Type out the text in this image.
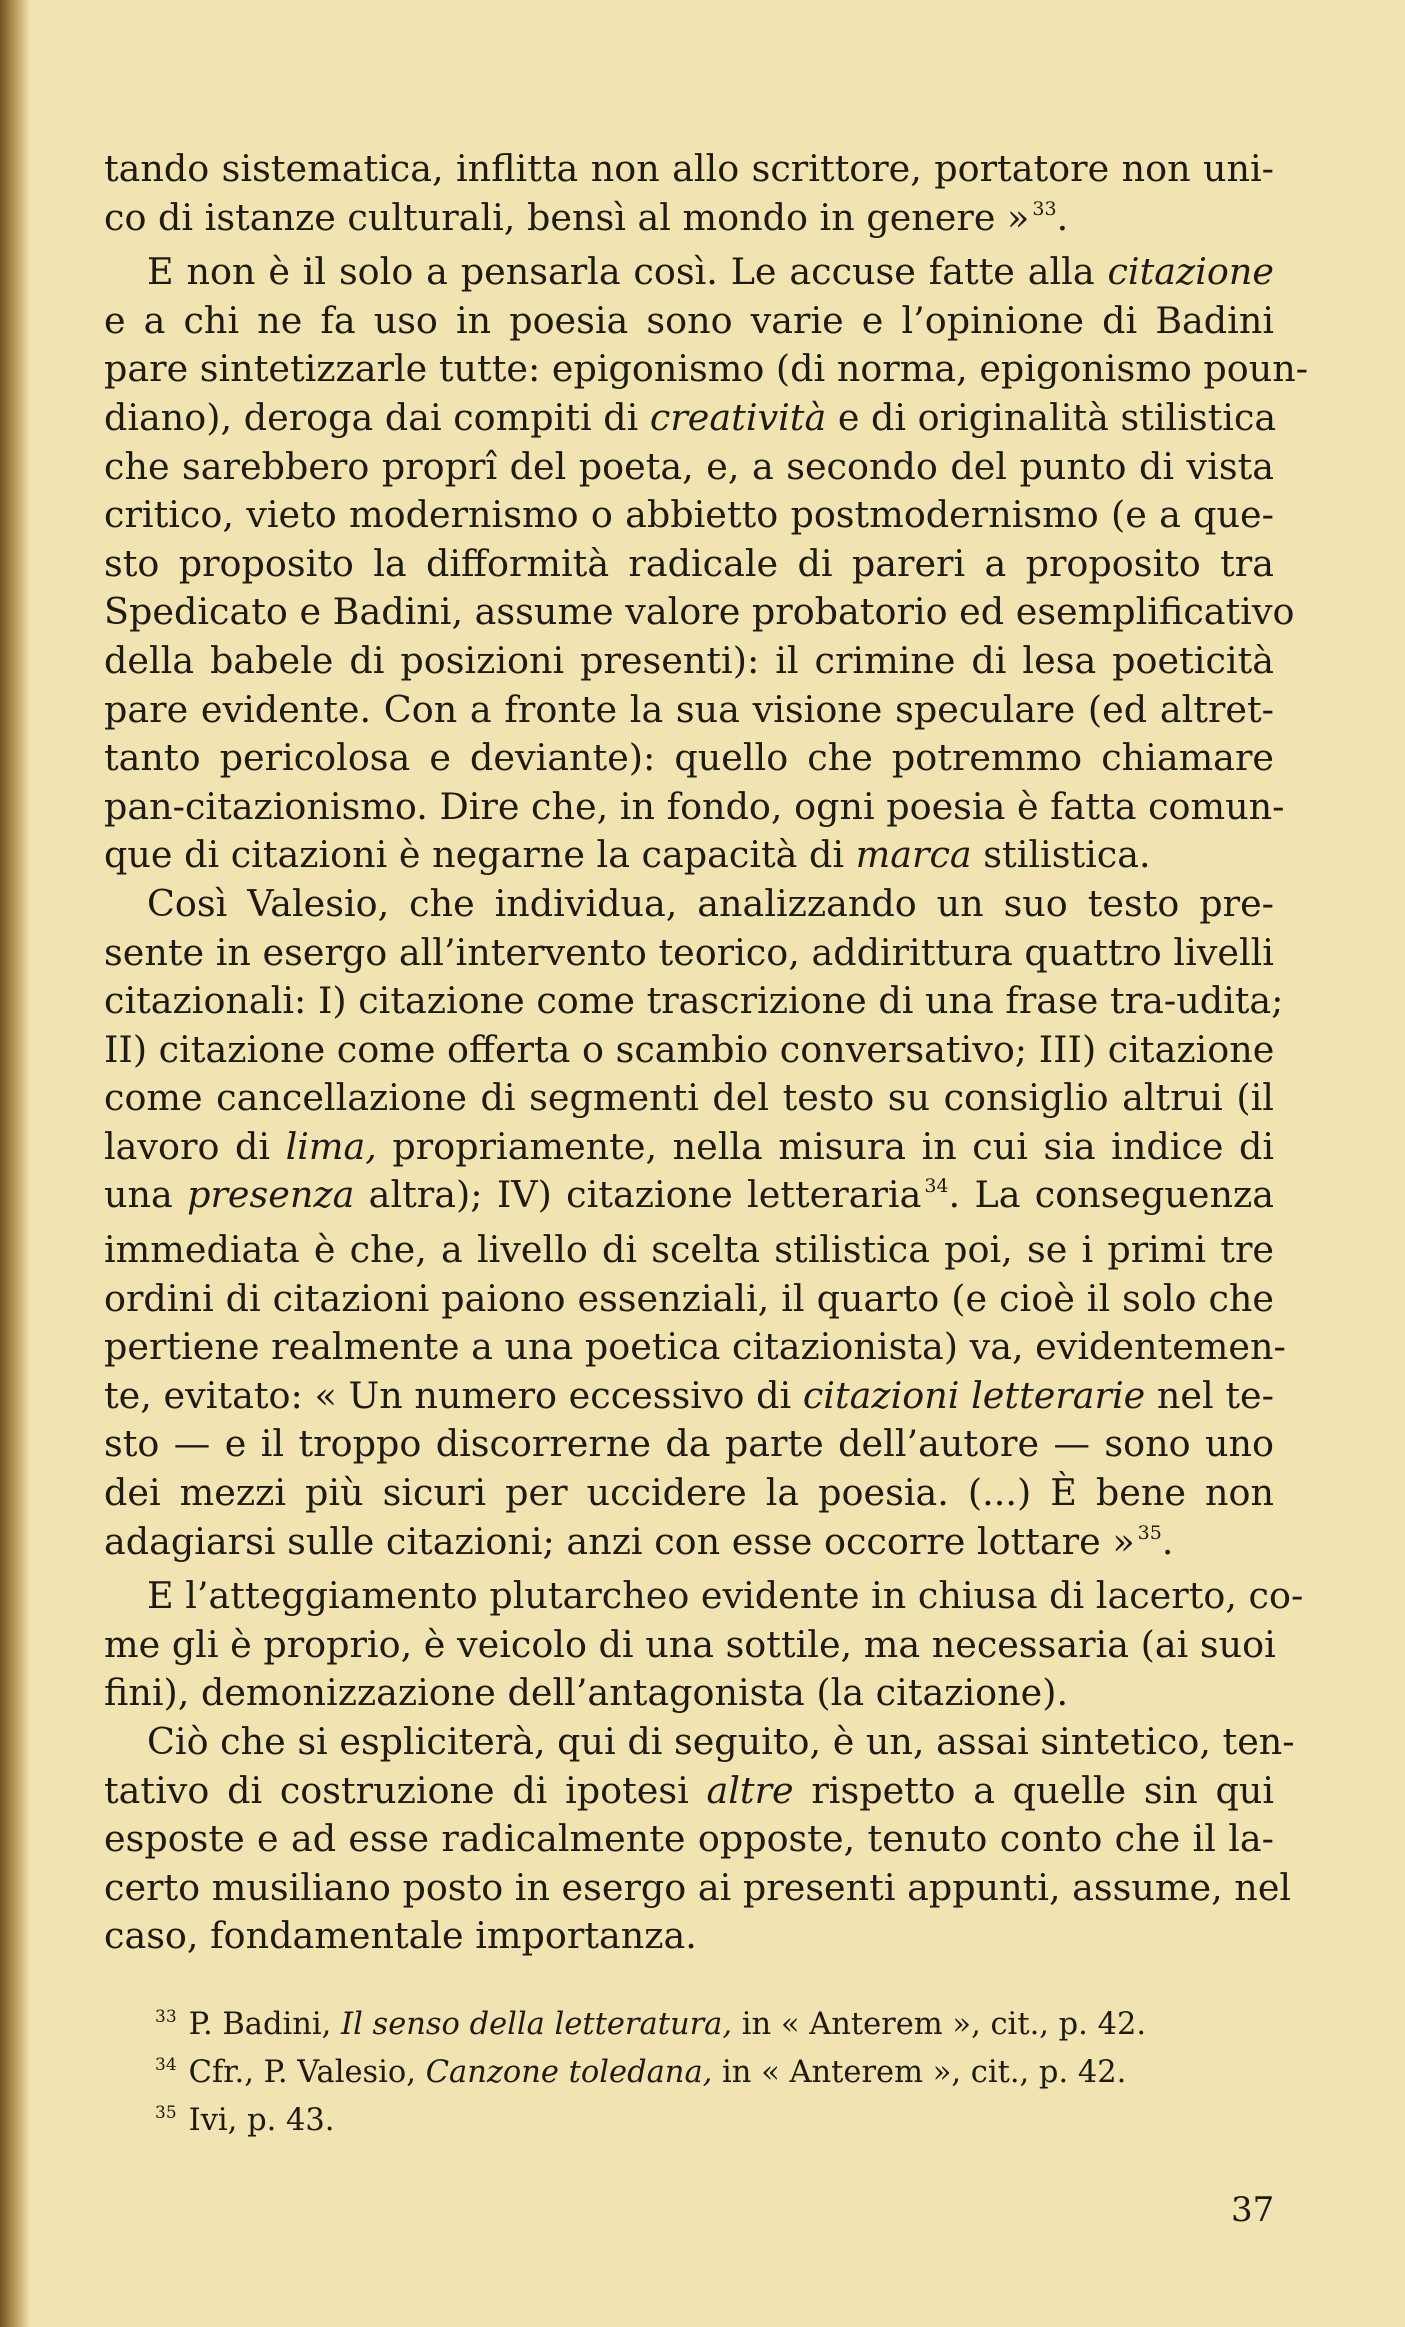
tando sistematica, inflitta non allo scrittore, portatore non uni-
co di istanze culturali, bensì al mondo in genere » $^{33}$.
E non è il solo a pensarla così. Le accuse fatte alla citazione
e a chi ne fa uso in poesia sono varie e l’opinione di Badini
pare sintetizzarle tutte: epigonismo (di norma, epigonismo poun-
diano), deroga dai compiti di creatività e di originalità stilistica
che sarebbero proprî del poeta, e, a secondo del punto di vista
critico, vieto modernismo o abbietto postmodernismo (e a que-
sto proposito la difformità radicale di pareri a proposito tra
Spedicato e Badini, assume valore probatorio ed esemplificativo
della babele di posizioni presenti): il crimine di lesa poeticità
pare evidente. Con a fronte la sua visione speculare (ed altret-
tanto pericolosa e deviante): quello che potremmo chiamare
pan-citazionismo. Dire che, in fondo, ogni poesia è fatta comun-
que di citazioni è negarne la capacità di marca stilistica.
Così Valesio, che individua, analizzando un suo testo pre-
sente in esergo all’intervento teorico, addirittura quattro livelli
citazionali: I) citazione come trascrizione di una frase tra-udita;
II) citazione come offerta o scambio conversativo; III) citazione
come cancellazione di segmenti del testo su consiglio altrui (il
lavoro di lima, propriamente, nella misura in cui sia indice di
una presenza altra); IV) citazione letteraria $^{34}$. La conseguenza
immediata è che, a livello di scelta stilistica poi, se i primi tre
ordini di citazioni paiono essenziali, il quarto (e cioè il solo che
pertiene realmente a una poetica citazionista) va, evidentemen-
te, evitato: « Un numero eccessivo di citazioni letterarie nel te-
sto — e il troppo discorrerne da parte dell’autore — sono uno
dei mezzi più sicuri per uccidere la poesia. (...) È bene non
adagiarsi sulle citazioni; anzi con esse occorre lottare » $^{35}$.
E l’atteggiamento plutarcheo evidente in chiusa di lacerto, co-
me gli è proprio, è veicolo di una sottile, ma necessaria (ai suoi
fini), demonizzazione dell’antagonista (la citazione).
Ciò che si espliciterà, qui di seguito, è un, assai sintetico, ten-
tativo di costruzione di ipotesi altre rispetto a quelle sin qui
esposte e ad esse radicalmente opposte, tenuto conto che il la-
certo musiliano posto in esergo ai presenti appunti, assume, nel
caso, fondamentale importanza.
$^{33}$ P. Badini, Il senso della letteratura, in « Anterem », cit., p. 42.
$^{34}$ Cfr., P. Valesio, Canzone toledana, in « Anterem », cit., p. 42.
$^{35}$ Ivi, p. 43.
37
